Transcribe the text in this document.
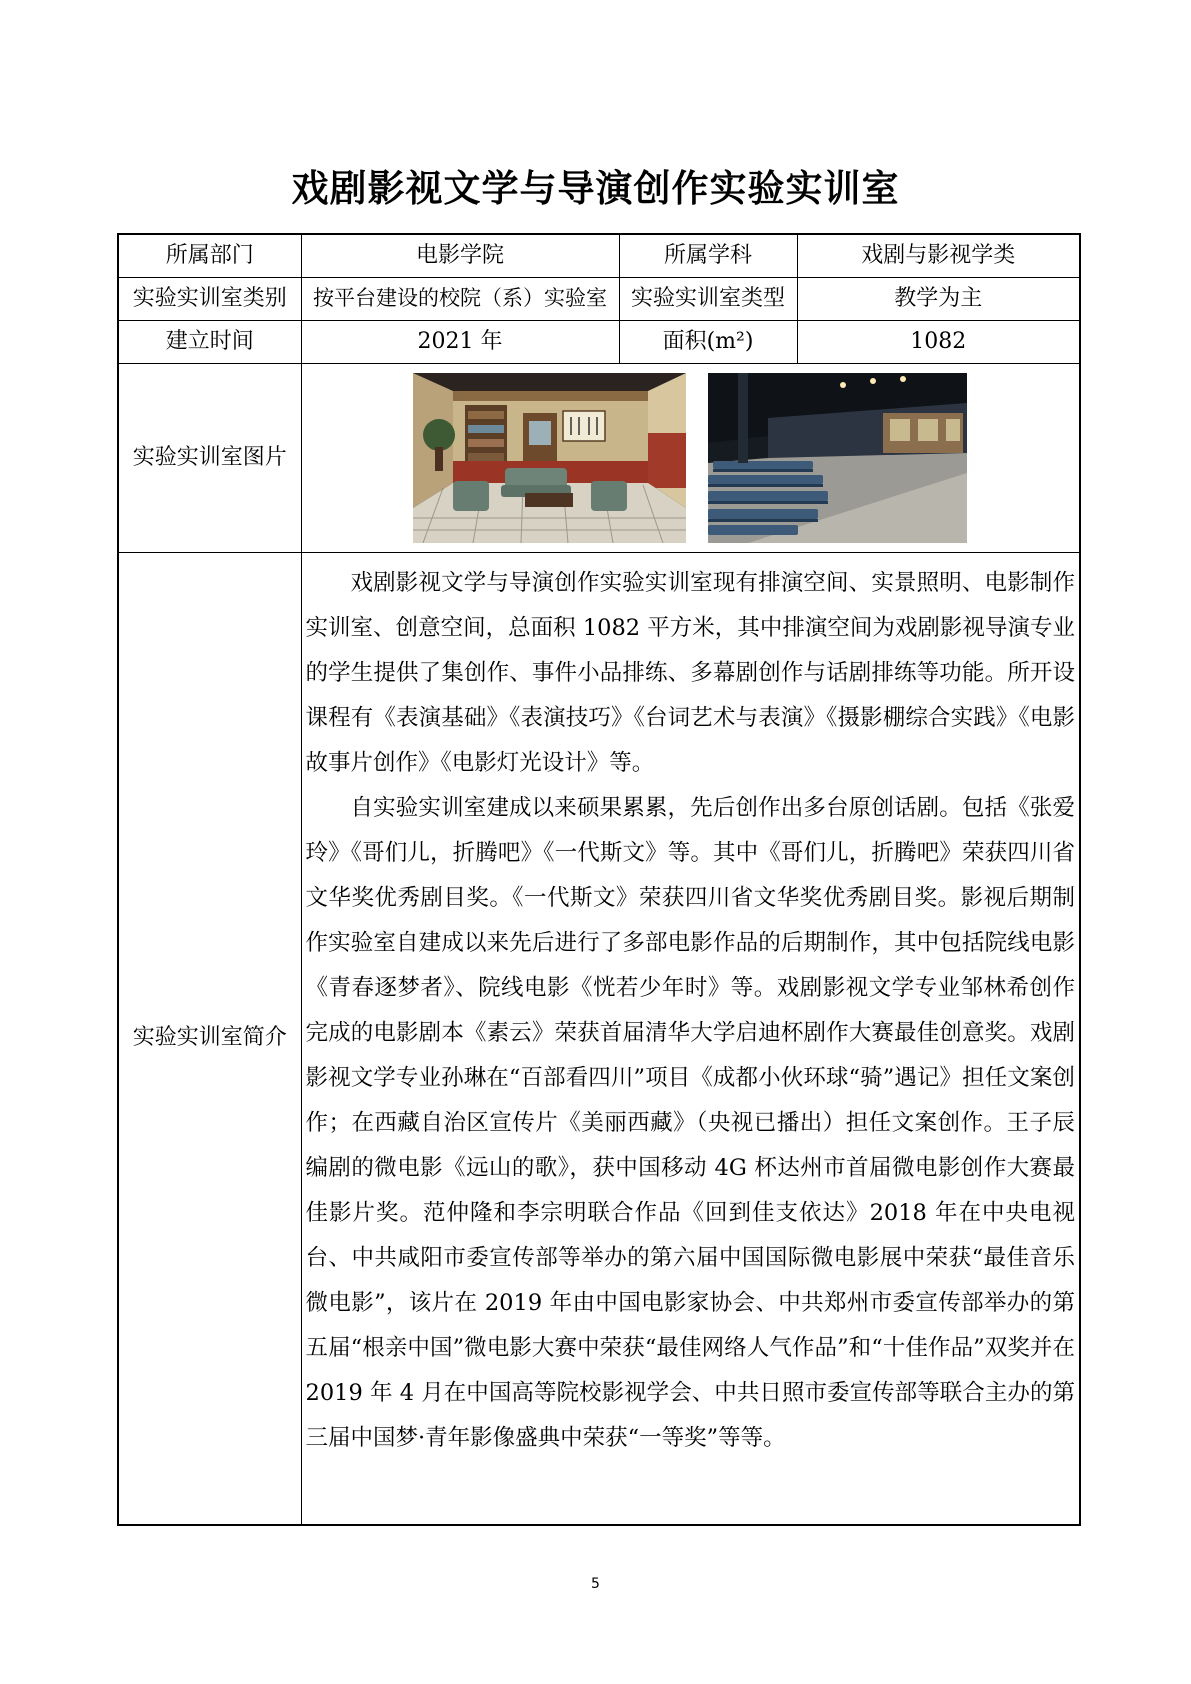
戏剧影视文学与导演创作实验实训室
所属部门	电影学院	所属学科	戏剧与影视学类
实验实训室类别	按平台建设的校院（系）实验室	实验实训室类型	教学为主
建立时间	2021 年	面积(m²)	1082
实验实训室图片	

实验实训室简介	戏剧影视文学与导演创作实验实训室现有排演空间、实景照明、电影制作实训室、创意空间，总面积 1082 平方米，其中排演空间为戏剧影视导演专业的学生提供了集创作、事件小品排练、多幕剧创作与话剧排练等功能。所开设课程有《表演基础》《表演技巧》《台词艺术与表演》《摄影棚综合实践》《电影故事片创作》《电影灯光设计》等。

自实验实训室建成以来硕果累累，先后创作出多台原创话剧。包括《张爱玲》《哥们儿，折腾吧》《一代斯文》等。其中《哥们儿，折腾吧》荣获四川省文华奖优秀剧目奖。《一代斯文》荣获四川省文华奖优秀剧目奖。影视后期制作实验室自建成以来先后进行了多部电影作品的后期制作，其中包括院线电影《青春逐梦者》、院线电影《恍若少年时》等。戏剧影视文学专业邹林希创作完成的电影剧本《素云》荣获首届清华大学启迪杯剧作大赛最佳创意奖。戏剧影视文学专业孙琳在“百部看四川”项目《成都小伙环球“骑”遇记》担任文案创作；在西藏自治区宣传片《美丽西藏》（央视已播出）担任文案创作。王子辰编剧的微电影《远山的歌》，获中国移动 4G 杯达州市首届微电影创作大赛最佳影片奖。范仲隆和李宗明联合作品《回到佳支依达》2018 年在中央电视台、中共咸阳市委宣传部等举办的第六届中国国际微电影展中荣获“最佳音乐微电影”，该片在 2019 年由中国电影家协会、中共郑州市委宣传部举办的第五届“根亲中国”微电影大赛中荣获“最佳网络人气作品”和“十佳作品”双奖并在 2019 年 4 月在中国高等院校影视学会、中共日照市委宣传部等联合主办的第三届中国梦·青年影像盛典中荣获“一等奖”等等。		

5
